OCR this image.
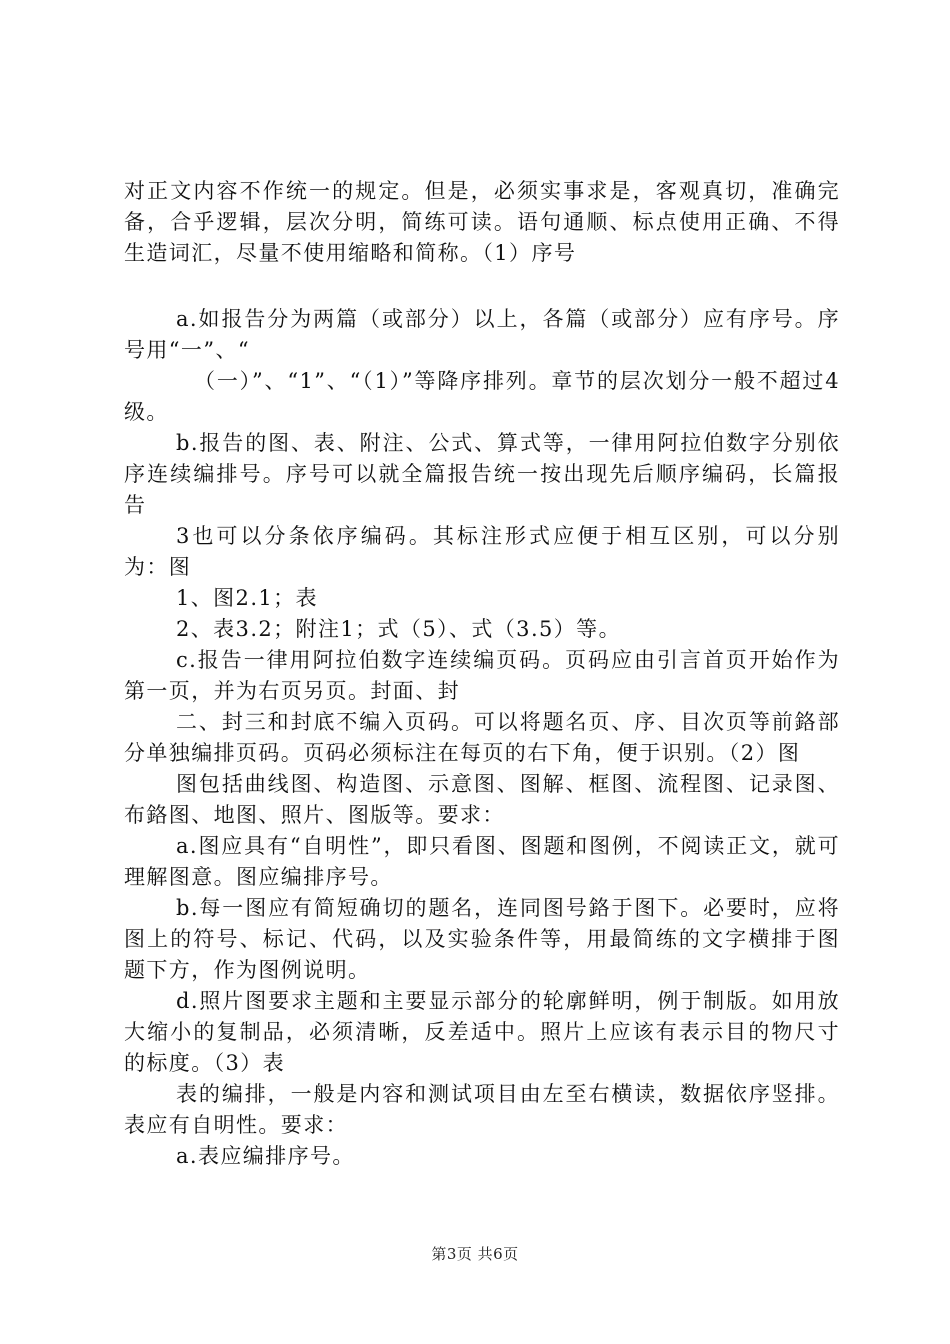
对正文内容不作统一的规定。但是，必须实事求是，客观真切，准确完备，合乎逻辑，层次分明，简练可读。语句通顺、标点使用正确、不得生造词汇，尽量不使用缩略和简称。（1）序号

a.如报告分为两篇（或部分）以上，各篇（或部分）应有序号。序号用“一”、“

（一）”、“1”、“（1）”等降序排列。章节的层次划分一般不超过4级。

b.报告的图、表、附注、公式、算式等，一律用阿拉伯数字分别依序连续编排号。序号可以就全篇报告统一按出现先后顺序编码，长篇报告

3也可以分条依序编码。其标注形式应便于相互区别，可以分别为：图

1、图2.1；表

2、表3.2；附注1；式（5）、式（3.5）等。

c.报告一律用阿拉伯数字连续编页码。页码应由引言首页开始作为第一页，并为右页另页。封面、封

二、封三和封底不编入页码。可以将题名页、序、目次页等前鉻部分单独编排页码。页码必须标注在每页的右下角，便于识别。（2）图

图包括曲线图、构造图、示意图、图解、框图、流程图、记录图、布鉻图、地图、照片、图版等。要求：

a.图应具有“自明性”，即只看图、图题和图例，不阅读正文，就可理解图意。图应编排序号。

b.每一图应有简短确切的题名，连同图号鉻于图下。必要时，应将图上的符号、标记、代码，以及实验条件等，用最简练的文字横排于图题下方，作为图例说明。

d.照片图要求主题和主要显示部分的轮廓鲜明，例于制版。如用放大缩小的复制品，必须清晰，反差适中。照片上应该有表示目的物尺寸的标度。（3）表

表的编排，一般是内容和测试项目由左至右横读，数据依序竖排。表应有自明性。要求：

a.表应编排序号。

第3页 共6页
